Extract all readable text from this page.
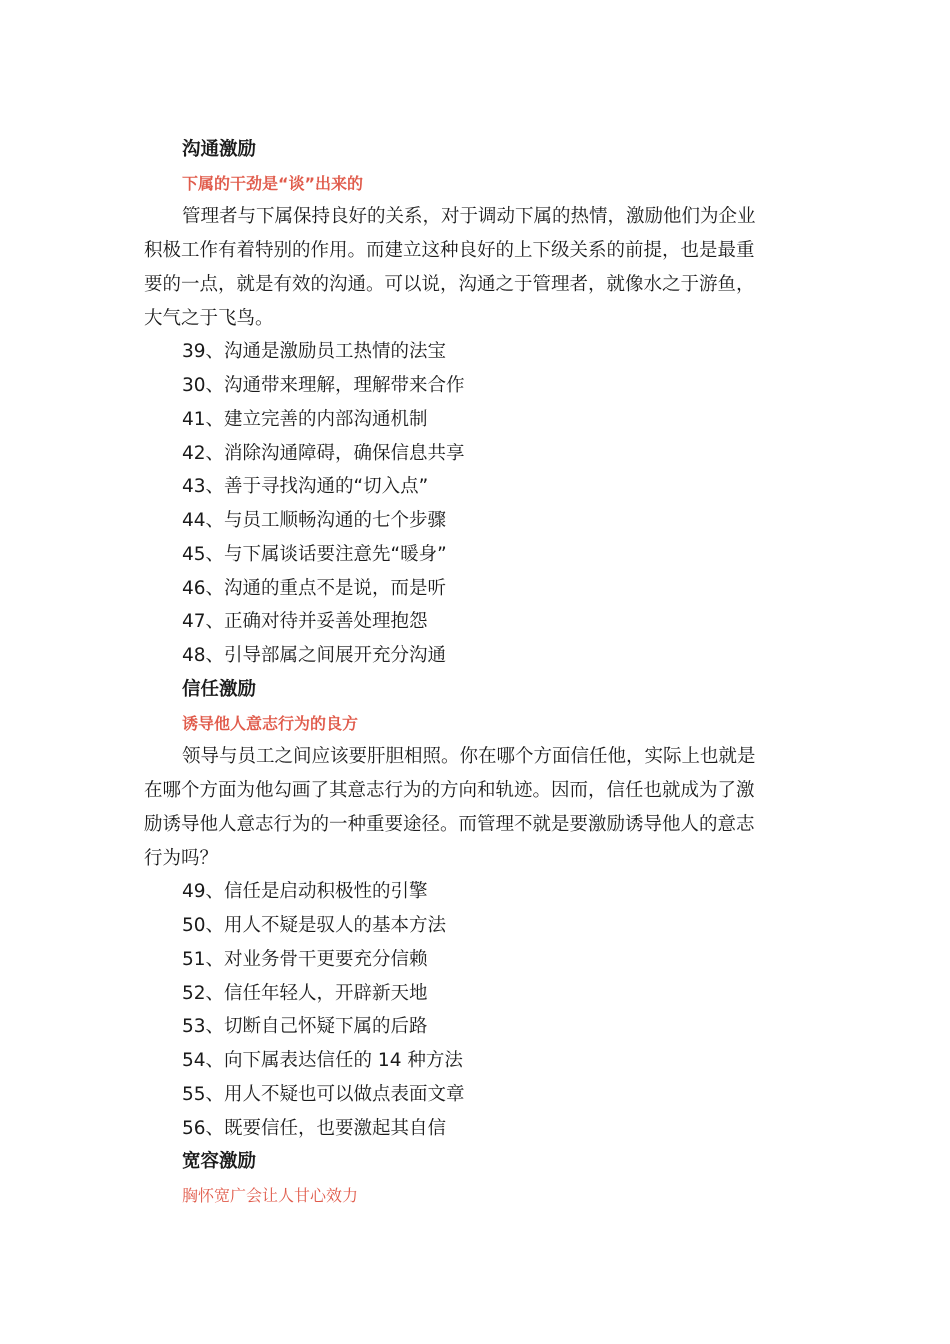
沟通激励
下属的干劲是“谈”出来的
管理者与下属保持良好的关系，对于调动下属的热情，激励他们为企业
积极工作有着特别的作用。而建立这种良好的上下级关系的前提，也是最重
要的一点，就是有效的沟通。可以说，沟通之于管理者，就像水之于游鱼，
大气之于飞鸟。
39、沟通是激励员工热情的法宝
30、沟通带来理解，理解带来合作
41、建立完善的内部沟通机制
42、消除沟通障碍，确保信息共享
43、善于寻找沟通的“切入点”
44、与员工顺畅沟通的七个步骤
45、与下属谈话要注意先“暖身”
46、沟通的重点不是说，而是听
47、正确对待并妥善处理抱怨
48、引导部属之间展开充分沟通
信任激励
诱导他人意志行为的良方
领导与员工之间应该要肝胆相照。你在哪个方面信任他，实际上也就是
在哪个方面为他勾画了其意志行为的方向和轨迹。因而，信任也就成为了激
励诱导他人意志行为的一种重要途径。而管理不就是要激励诱导他人的意志
行为吗？
49、信任是启动积极性的引擎
50、用人不疑是驭人的基本方法
51、对业务骨干更要充分信赖
52、信任年轻人，开辟新天地
53、切断自己怀疑下属的后路
54、向下属表达信任的 14 种方法
55、用人不疑也可以做点表面文章
56、既要信任，也要激起其自信
宽容激励
胸怀宽广会让人甘心效力
